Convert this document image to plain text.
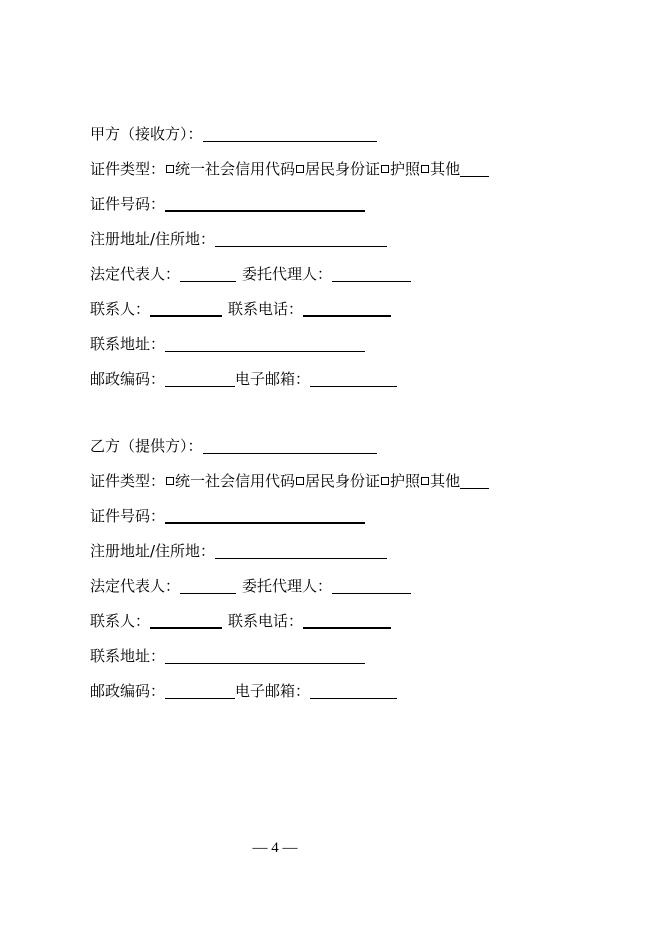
甲方（接收方）：
证件类型： 统一社会信用代码 居民身份证 护照 其他
证件号码：
注册地址/住所地：
法定代表人：	委托代理人：
联系人：	联系电话：
联系地址：
邮政编码：	电子邮箱：
乙方（提供方）：
证件类型： 统一社会信用代码 居民身份证 护照 其他
证件号码：
注册地址/住所地：
法定代表人：	委托代理人：
联系人：	联系电话：
联系地址：
邮政编码：	电子邮箱：
— 4 —
